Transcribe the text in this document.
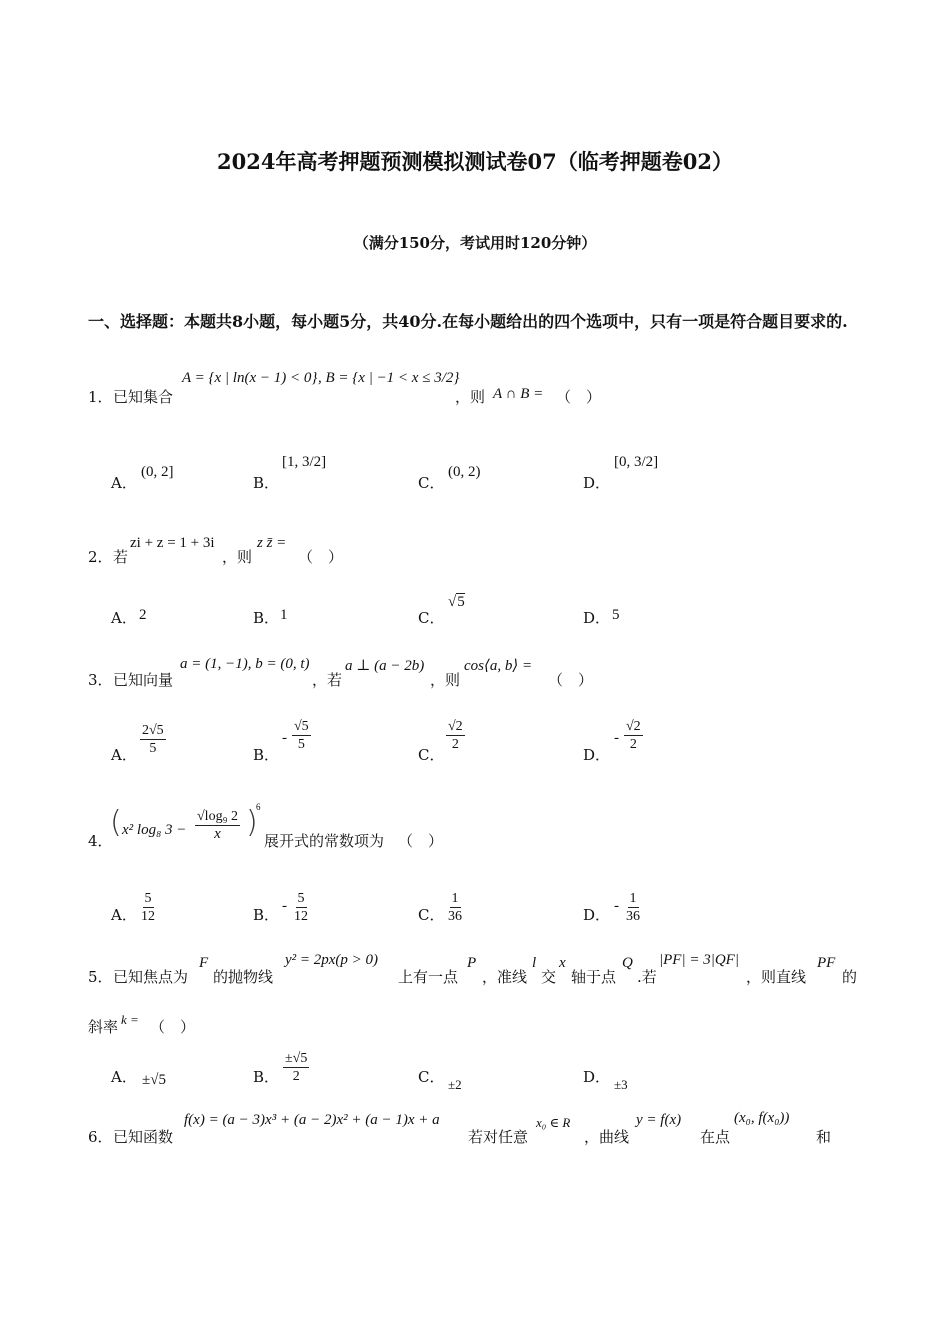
2024年高考押题预测模拟测试卷07（临考押题卷02）
（满分150分，考试用时120分钟）
一、选择题：本题共8小题，每小题5分，共40分.在每小题给出的四个选项中，只有一项是符合题目要求的.
1． 已知集合
A = {x | ln(x − 1) < 0} , B = {x | −1 < x ≤ 3/2}
，则 A ∩ B = （　）
A．
(0, 2]
B．
[1, 3/2]
C．
(0, 2)
D．
[0, 3/2]
2． 若
zi + z = 1 + 3i
，则
z z̄ =
（　）
A． 2	B． 1	C．
√5
D． 5
3． 已知向量
a = (1, −1), b = (0, t)
，若
a ⊥ (a − 2b)
，则
cos⟨a, b⟩ =
（　）
A． $\frac{2√5}{5}$	B．
- $\frac{√5}{5}$
C．
$\frac{√2}{2}$
D．
- $\frac{√2}{2}$
4．
( x² log₈ $3 - \frac{\text{√log₉ 2}}{x}$ )
6
展开式的常数项为 （　）
A． $\frac{5}{12}$	B． - $\frac{5}{12}$	C． $\frac{1}{36}$	D． - $\frac{1}{36}$
5． 已知焦点为
F
的抛物线
y² = 2px(p > 0)
上有一点
P
，准线
l
交
x
轴于点
Q
.若
|PF| = 3|QF|
，则直线
PF
的
斜率 k = （　）
A． ±√5	B． $\frac{\pm√5}{2}$	C． ±2	D． ±3
6． 已知函数
f(x) = (a − 3)x³ + (a − 2)x² + (a − 1)x + a
若对任意
x₀ ∈ R
，曲线
y = f(x)
在点
(x₀, f(x₀))
和
